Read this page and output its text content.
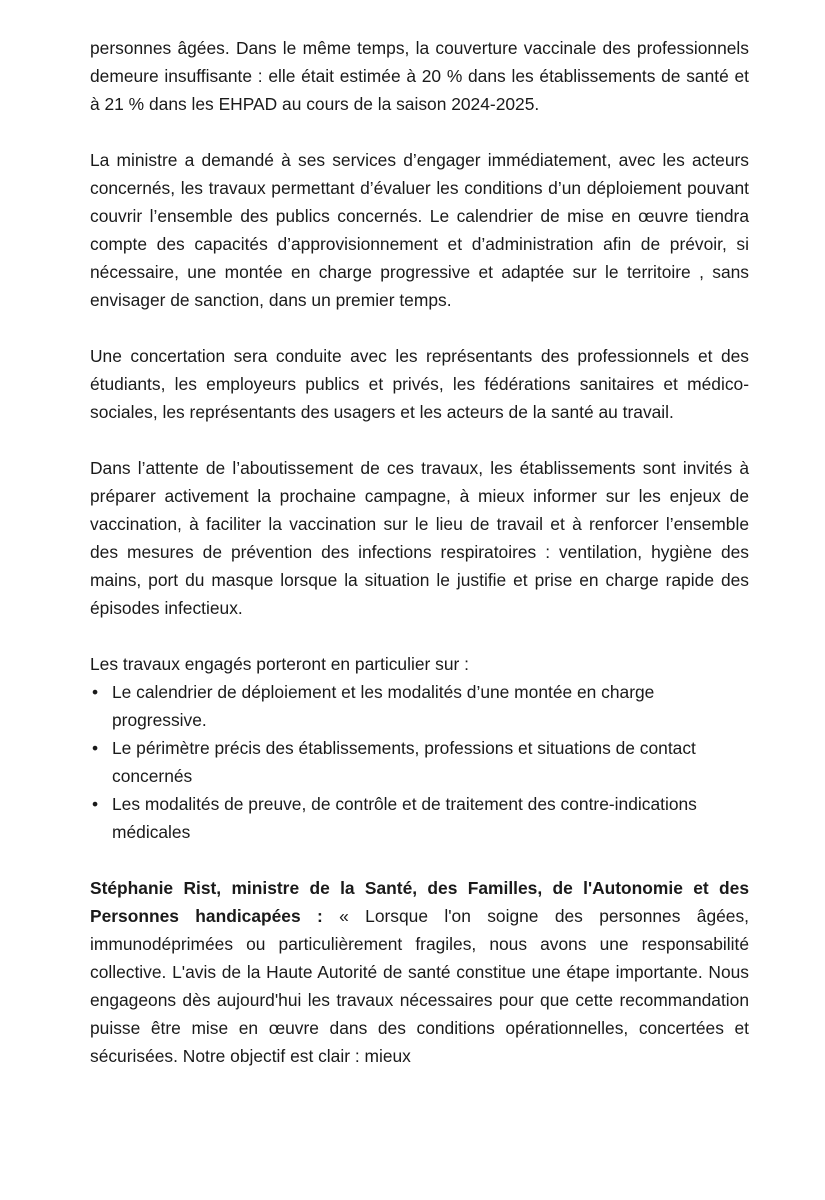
personnes âgées. Dans le même temps, la couverture vaccinale des professionnels demeure insuffisante : elle était estimée à 20 % dans les établissements de santé et à 21 % dans les EHPAD au cours de la saison 2024-2025.

La ministre a demandé à ses services d’engager immédiatement, avec les acteurs concernés, les travaux permettant d’évaluer les conditions d’un déploiement pouvant couvrir l’ensemble des publics concernés. Le calendrier de mise en œuvre tiendra compte des capacités d’approvisionnement et d’administration afin de prévoir, si nécessaire, une montée en charge progressive et adaptée sur le territoire , sans envisager de sanction, dans un premier temps.

Une concertation sera conduite avec les représentants des professionnels et des étudiants, les employeurs publics et privés, les fédérations sanitaires et médico-sociales, les représentants des usagers et les acteurs de la santé au travail.

Dans l’attente de l’aboutissement de ces travaux, les établissements sont invités à préparer activement la prochaine campagne, à mieux informer sur les enjeux de vaccination, à faciliter la vaccination sur le lieu de travail et à renforcer l’ensemble des mesures de prévention des infections respiratoires : ventilation, hygiène des mains, port du masque lorsque la situation le justifie et prise en charge rapide des épisodes infectieux.

Les travaux engagés porteront en particulier sur :

• Le calendrier de déploiement et les modalités d’une montée en charge progressive.
• Le périmètre précis des établissements, professions et situations de contact concernés
• Les modalités de preuve, de contrôle et de traitement des contre-indications médicales

Stéphanie Rist, ministre de la Santé, des Familles, de l'Autonomie et des Personnes handicapées : « Lorsque l'on soigne des personnes âgées, immunodéprimées ou particulièrement fragiles, nous avons une responsabilité collective. L'avis de la Haute Autorité de santé constitue une étape importante. Nous engageons dès aujourd'hui les travaux nécessaires pour que cette recommandation puisse être mise en œuvre dans des conditions opérationnelles, concertées et sécurisées. Notre objectif est clair : mieux
